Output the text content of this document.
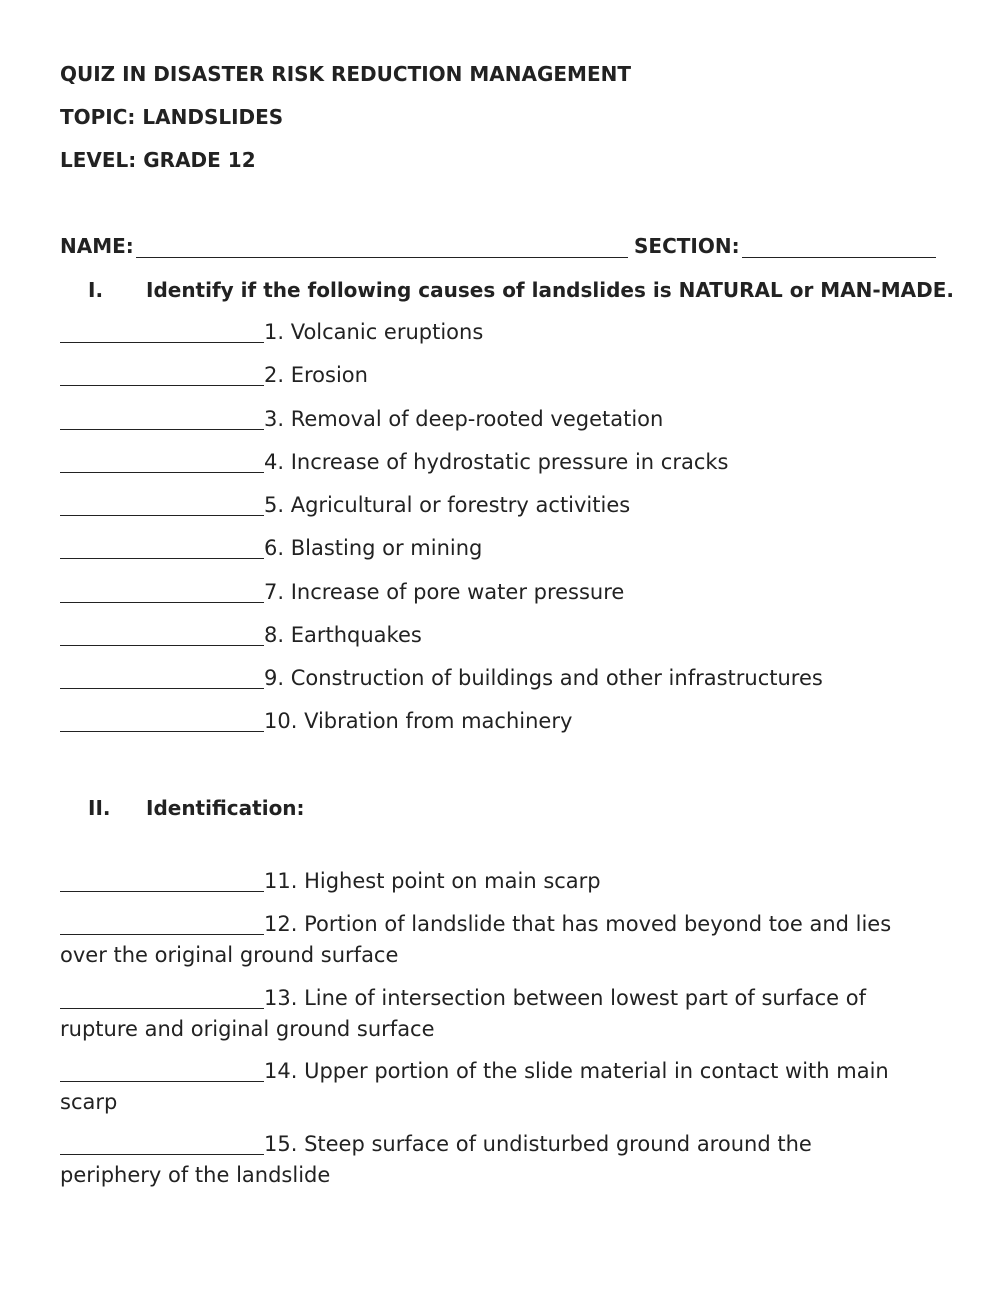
QUIZ IN DISASTER RISK REDUCTION MANAGEMENT
TOPIC: LANDSLIDES
LEVEL: GRADE 12
NAME:	SECTION:
I. Identify if the following causes of landslides is NATURAL or MAN-MADE.
1. Volcanic eruptions
2. Erosion
3. Removal of deep-rooted vegetation
4. Increase of hydrostatic pressure in cracks
5. Agricultural or forestry activities
6. Blasting or mining
7. Increase of pore water pressure
8. Earthquakes
9. Construction of buildings and other infrastructures
10. Vibration from machinery
II. Identification:
11. Highest point on main scarp
12. Portion of landslide that has moved beyond toe and lies
over the original ground surface
13. Line of intersection between lowest part of surface of
rupture and original ground surface
14. Upper portion of the slide material in contact with main
scarp
15. Steep surface of undisturbed ground around the
periphery of the landslide
